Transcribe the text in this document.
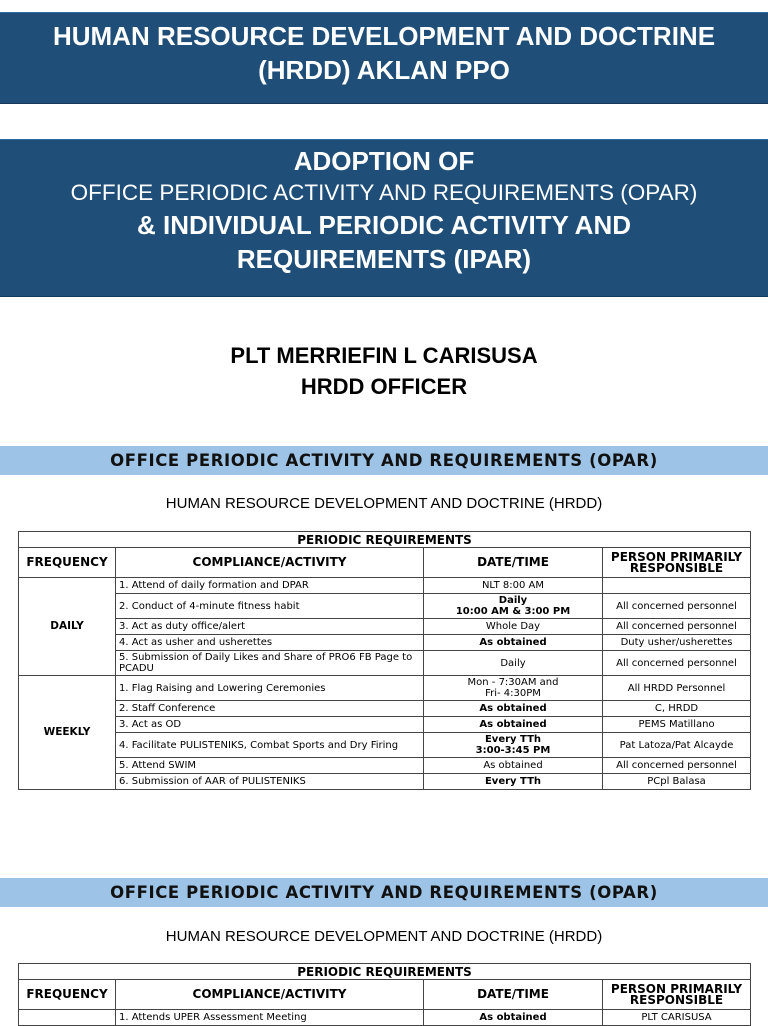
HUMAN RESOURCE DEVELOPMENT AND DOCTRINE
(HRDD) AKLAN PPO
ADOPTION OF
OFFICE PERIODIC ACTIVITY AND REQUIREMENTS (OPAR)
& INDIVIDUAL PERIODIC ACTIVITY AND
REQUIREMENTS (IPAR)
PLT MERRIEFIN L CARISUSA
HRDD OFFICER
OFFICE PERIODIC ACTIVITY AND REQUIREMENTS (OPAR)
HUMAN RESOURCE DEVELOPMENT AND DOCTRINE (HRDD)
PERIODIC REQUIREMENTS			
FREQUENCY	COMPLIANCE/ACTIVITY	DATE/TIME	PERSON PRIMARILY RESPONSIBLE
DAILY	1. Attend of daily formation and DPAR	NLT 8:00 AM	
	2. Conduct of 4-minute fitness habit	Daily
10:00 AM & 3:00 PM	All concerned personnel
	3. Act as duty office/alert	Whole Day	All concerned personnel
	4. Act as usher and usherettes	As obtained	Duty usher/usherettes
	5. Submission of Daily Likes and Share of PRO6 FB Page to PCADU	Daily	All concerned personnel
WEEKLY	1. Flag Raising and Lowering Ceremonies	Mon - 7:30AM and
Fri- 4:30PM	All HRDD Personnel
	2. Staff Conference	As obtained	C, HRDD
	3. Act as OD	As obtained	PEMS Matillano
	4. Facilitate PULISTENIKS, Combat Sports and Dry Firing	Every TTh
3:00-3:45 PM	Pat Latoza/Pat Alcayde
	5. Attend SWIM	As obtained	All concerned personnel
	6. Submission of AAR of PULISTENIKS	Every TTh	PCpl Balasa
OFFICE PERIODIC ACTIVITY AND REQUIREMENTS (OPAR)
HUMAN RESOURCE DEVELOPMENT AND DOCTRINE (HRDD)
PERIODIC REQUIREMENTS			
FREQUENCY	COMPLIANCE/ACTIVITY	DATE/TIME	PERSON PRIMARILY RESPONSIBLE
	1. Attends UPER Assessment Meeting	As obtained	PLT CARISUSA
